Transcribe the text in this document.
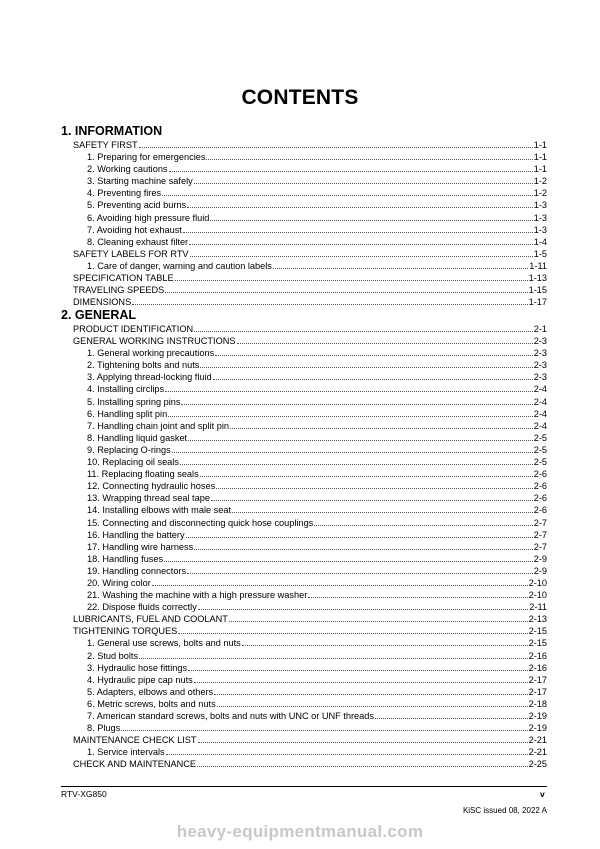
CONTENTS
1. INFORMATION
SAFETY FIRST	1-1
1. Preparing for emergencies	1-1
2. Working cautions	1-1
3. Starting machine safely	1-2
4. Preventing fires	1-2
5. Preventing acid burns	1-3
6. Avoiding high pressure fluid	1-3
7. Avoiding hot exhaust	1-3
8. Cleaning exhaust filter	1-4
SAFETY LABELS FOR RTV	1-5
1. Care of danger, warning and caution labels	1-11
SPECIFICATION TABLE	1-13
TRAVELING SPEEDS	1-15
DIMENSIONS	1-17
2. GENERAL
PRODUCT IDENTIFICATION	2-1
GENERAL WORKING INSTRUCTIONS	2-3
1. General working precautions	2-3
2. Tightening bolts and nuts	2-3
3. Applying thread-locking fluid	2-3
4. Installing circlips	2-4
5. Installing spring pins	2-4
6. Handling split pin	2-4
7. Handling chain joint and split pin	2-4
8. Handling liquid gasket	2-5
9. Replacing O-rings	2-5
10. Replacing oil seals	2-5
11. Replacing floating seals	2-6
12. Connecting hydraulic hoses	2-6
13. Wrapping thread seal tape	2-6
14. Installing elbows with male seat	2-6
15. Connecting and disconnecting quick hose couplings	2-7
16. Handling the battery	2-7
17. Handling wire harness	2-7
18. Handling fuses	2-9
19. Handling connectors	2-9
20. Wiring color	2-10
21. Washing the machine with a high pressure washer	2-10
22. Dispose fluids correctly	2-11
LUBRICANTS, FUEL AND COOLANT	2-13
TIGHTENING TORQUES	2-15
1. General use screws, bolts and nuts	2-15
2. Stud bolts	2-16
3. Hydraulic hose fittings	2-16
4. Hydraulic pipe cap nuts	2-17
5. Adapters, elbows and others	2-17
6. Metric screws, bolts and nuts	2-18
7. American standard screws, bolts and nuts with UNC or UNF threads	2-19
8. Plugs	2-19
MAINTENANCE CHECK LIST	2-21
1. Service intervals	2-21
CHECK AND MAINTENANCE	2-25
RTV-XG850	v
KiSC issued 08, 2022 A
heavy-equipmentmanual.com
